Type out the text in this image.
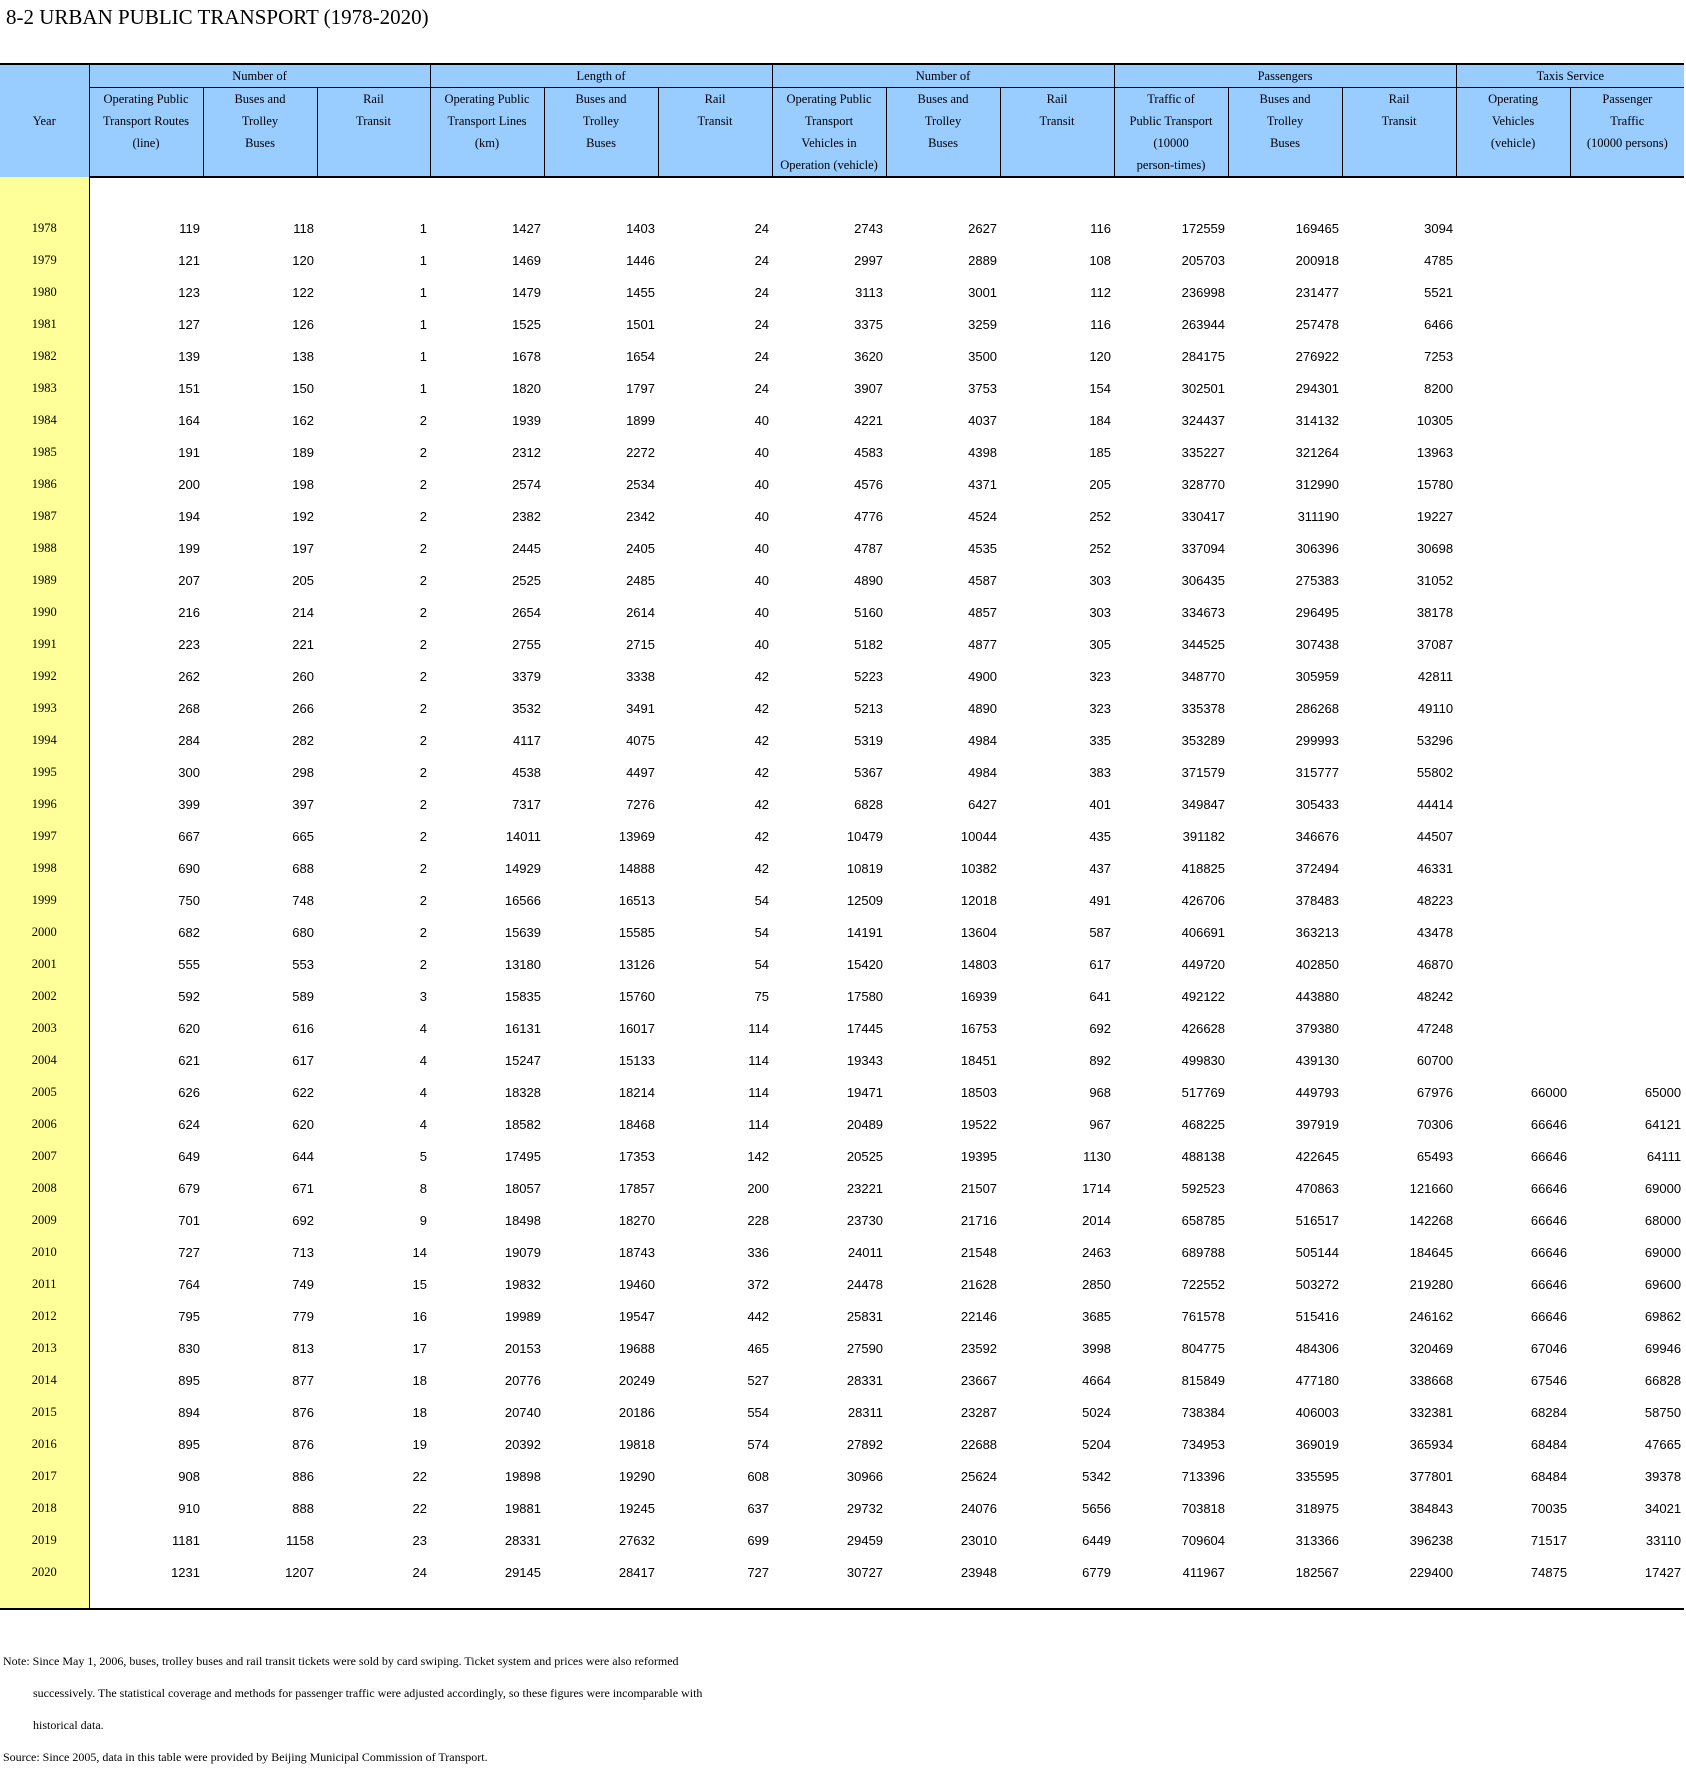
8-2 URBAN PUBLIC TRANSPORT (1978-2020)
Year	Number of			Length of			Number of			Passengers			Taxis Service	

	Operating Public
Transport Routes
(line)	Buses and
Trolley
Buses	Rail
Transit	Operating Public
Transport Lines
(km)	Buses and
Trolley
Buses	Rail
Transit	Operating Public
Transport
Vehicles in
Operation (vehicle)	Buses and
Trolley
Buses	Rail
Transit	Traffic of
Public Transport
(10000
person-times)	Buses and
Trolley
Buses	Rail
Transit	Operating
Vehicles
(vehicle)	Passenger
Traffic
(10000 persons)

1978	119	118	1	1427	1403	24	2743	2627	116	172559	169465	3094		
1979	121	120	1	1469	1446	24	2997	2889	108	205703	200918	4785		
1980	123	122	1	1479	1455	24	3113	3001	112	236998	231477	5521		
1981	127	126	1	1525	1501	24	3375	3259	116	263944	257478	6466		
1982	139	138	1	1678	1654	24	3620	3500	120	284175	276922	7253		
1983	151	150	1	1820	1797	24	3907	3753	154	302501	294301	8200		
1984	164	162	2	1939	1899	40	4221	4037	184	324437	314132	10305		
1985	191	189	2	2312	2272	40	4583	4398	185	335227	321264	13963		
1986	200	198	2	2574	2534	40	4576	4371	205	328770	312990	15780		
1987	194	192	2	2382	2342	40	4776	4524	252	330417	311190	19227		
1988	199	197	2	2445	2405	40	4787	4535	252	337094	306396	30698		
1989	207	205	2	2525	2485	40	4890	4587	303	306435	275383	31052		
1990	216	214	2	2654	2614	40	5160	4857	303	334673	296495	38178		
1991	223	221	2	2755	2715	40	5182	4877	305	344525	307438	37087		
1992	262	260	2	3379	3338	42	5223	4900	323	348770	305959	42811		
1993	268	266	2	3532	3491	42	5213	4890	323	335378	286268	49110		
1994	284	282	2	4117	4075	42	5319	4984	335	353289	299993	53296		
1995	300	298	2	4538	4497	42	5367	4984	383	371579	315777	55802		
1996	399	397	2	7317	7276	42	6828	6427	401	349847	305433	44414		
1997	667	665	2	14011	13969	42	10479	10044	435	391182	346676	44507		
1998	690	688	2	14929	14888	42	10819	10382	437	418825	372494	46331		
1999	750	748	2	16566	16513	54	12509	12018	491	426706	378483	48223		
2000	682	680	2	15639	15585	54	14191	13604	587	406691	363213	43478		
2001	555	553	2	13180	13126	54	15420	14803	617	449720	402850	46870		
2002	592	589	3	15835	15760	75	17580	16939	641	492122	443880	48242		
2003	620	616	4	16131	16017	114	17445	16753	692	426628	379380	47248		
2004	621	617	4	15247	15133	114	19343	18451	892	499830	439130	60700		
2005	626	622	4	18328	18214	114	19471	18503	968	517769	449793	67976	66000	65000
2006	624	620	4	18582	18468	114	20489	19522	967	468225	397919	70306	66646	64121
2007	649	644	5	17495	17353	142	20525	19395	1130	488138	422645	65493	66646	64111
2008	679	671	8	18057	17857	200	23221	21507	1714	592523	470863	121660	66646	69000
2009	701	692	9	18498	18270	228	23730	21716	2014	658785	516517	142268	66646	68000
2010	727	713	14	19079	18743	336	24011	21548	2463	689788	505144	184645	66646	69000
2011	764	749	15	19832	19460	372	24478	21628	2850	722552	503272	219280	66646	69600
2012	795	779	16	19989	19547	442	25831	22146	3685	761578	515416	246162	66646	69862
2013	830	813	17	20153	19688	465	27590	23592	3998	804775	484306	320469	67046	69946
2014	895	877	18	20776	20249	527	28331	23667	4664	815849	477180	338668	67546	66828
2015	894	876	18	20740	20186	554	28311	23287	5024	738384	406003	332381	68284	58750
2016	895	876	19	20392	19818	574	27892	22688	5204	734953	369019	365934	68484	47665
2017	908	886	22	19898	19290	608	30966	25624	5342	713396	335595	377801	68484	39378
2018	910	888	22	19881	19245	637	29732	24076	5656	703818	318975	384843	70035	34021
2019	1181	1158	23	28331	27632	699	29459	23010	6449	709604	313366	396238	71517	33110
2020	1231	1207	24	29145	28417	727	30727	23948	6779	411967	182567	229400	74875	17427

Note: Since May 1, 2006, buses, trolley buses and rail transit tickets were sold by card swiping. Ticket system and prices were also reformed
successively. The statistical coverage and methods for passenger traffic were adjusted accordingly, so these figures were incomparable with
historical data.
Source: Since 2005, data in this table were provided by Beijing Municipal Commission of Transport.
